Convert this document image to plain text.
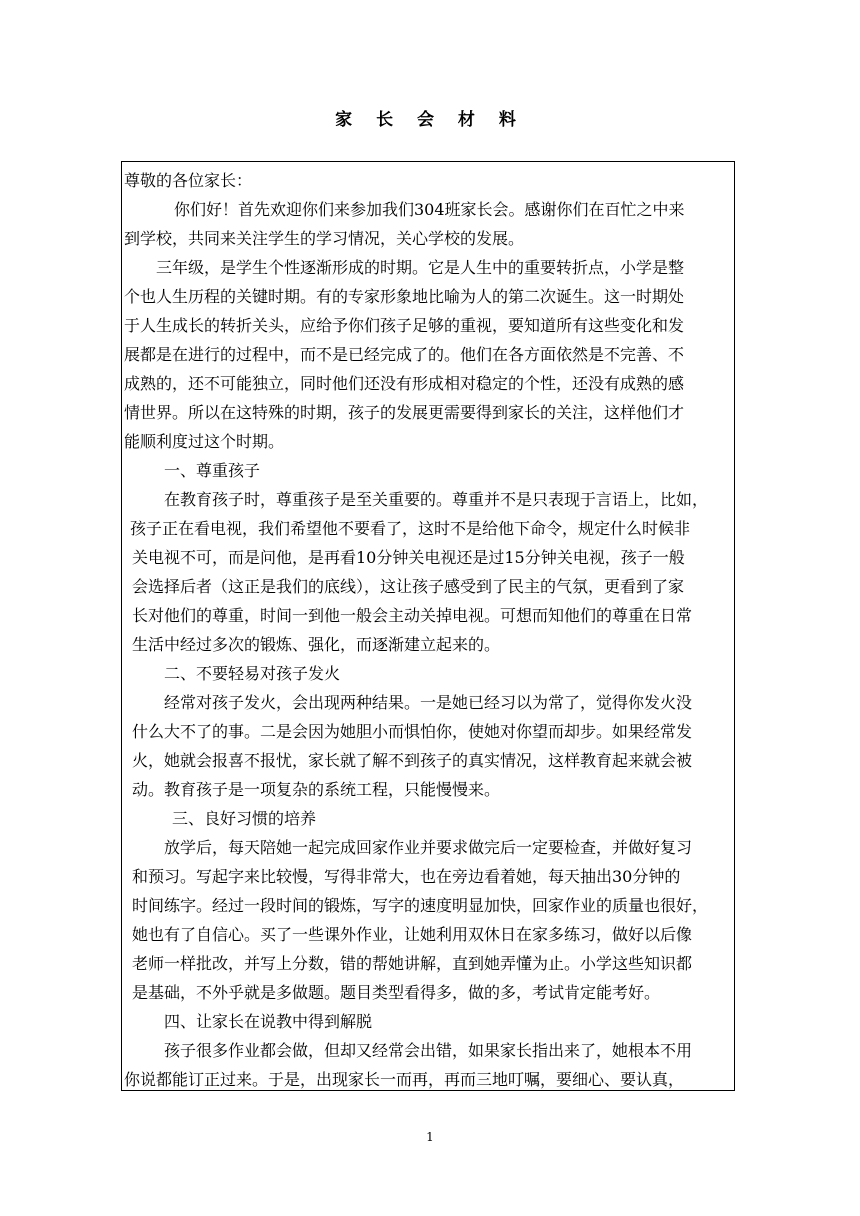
家 长 会 材 料
尊敬的各位家长：
你们好！首先欢迎你们来参加我们304班家长会。感谢你们在百忙之中来
到学校，共同来关注学生的学习情况，关心学校的发展。
三年级，是学生个性逐渐形成的时期。它是人生中的重要转折点，小学是整
个也人生历程的关键时期。有的专家形象地比喻为人的第二次诞生。这一时期处
于人生成长的转折关头，应给予你们孩子足够的重视，要知道所有这些变化和发
展都是在进行的过程中，而不是已经完成了的。他们在各方面依然是不完善、不
成熟的，还不可能独立，同时他们还没有形成相对稳定的个性，还没有成熟的感
情世界。所以在这特殊的时期，孩子的发展更需要得到家长的关注，这样他们才
能顺利度过这个时期。
一、尊重孩子
在教育孩子时，尊重孩子是至关重要的。尊重并不是只表现于言语上，比如，
孩子正在看电视，我们希望他不要看了，这时不是给他下命令，规定什么时候非
关电视不可，而是问他，是再看10分钟关电视还是过15分钟关电视，孩子一般
会选择后者（这正是我们的底线），这让孩子感受到了民主的气氛，更看到了家
长对他们的尊重，时间一到他一般会主动关掉电视。可想而知他们的尊重在日常
生活中经过多次的锻炼、强化，而逐渐建立起来的。
二、不要轻易对孩子发火
经常对孩子发火，会出现两种结果。一是她已经习以为常了，觉得你发火没
什么大不了的事。二是会因为她胆小而惧怕你，使她对你望而却步。如果经常发
火，她就会报喜不报忧，家长就了解不到孩子的真实情况，这样教育起来就会被
动。教育孩子是一项复杂的系统工程，只能慢慢来。
三、良好习惯的培养
放学后，每天陪她一起完成回家作业并要求做完后一定要检查，并做好复习
和预习。写起字来比较慢，写得非常大，也在旁边看着她，每天抽出30分钟的
时间练字。经过一段时间的锻炼，写字的速度明显加快，回家作业的质量也很好，
她也有了自信心。买了一些课外作业，让她利用双休日在家多练习，做好以后像
老师一样批改，并写上分数，错的帮她讲解，直到她弄懂为止。小学这些知识都
是基础，不外乎就是多做题。题目类型看得多，做的多，考试肯定能考好。
四、让家长在说教中得到解脱
孩子很多作业都会做，但却又经常会出错，如果家长指出来了，她根本不用
你说都能订正过来。于是，出现家长一而再，再而三地叮嘱，要细心、要认真，
1
